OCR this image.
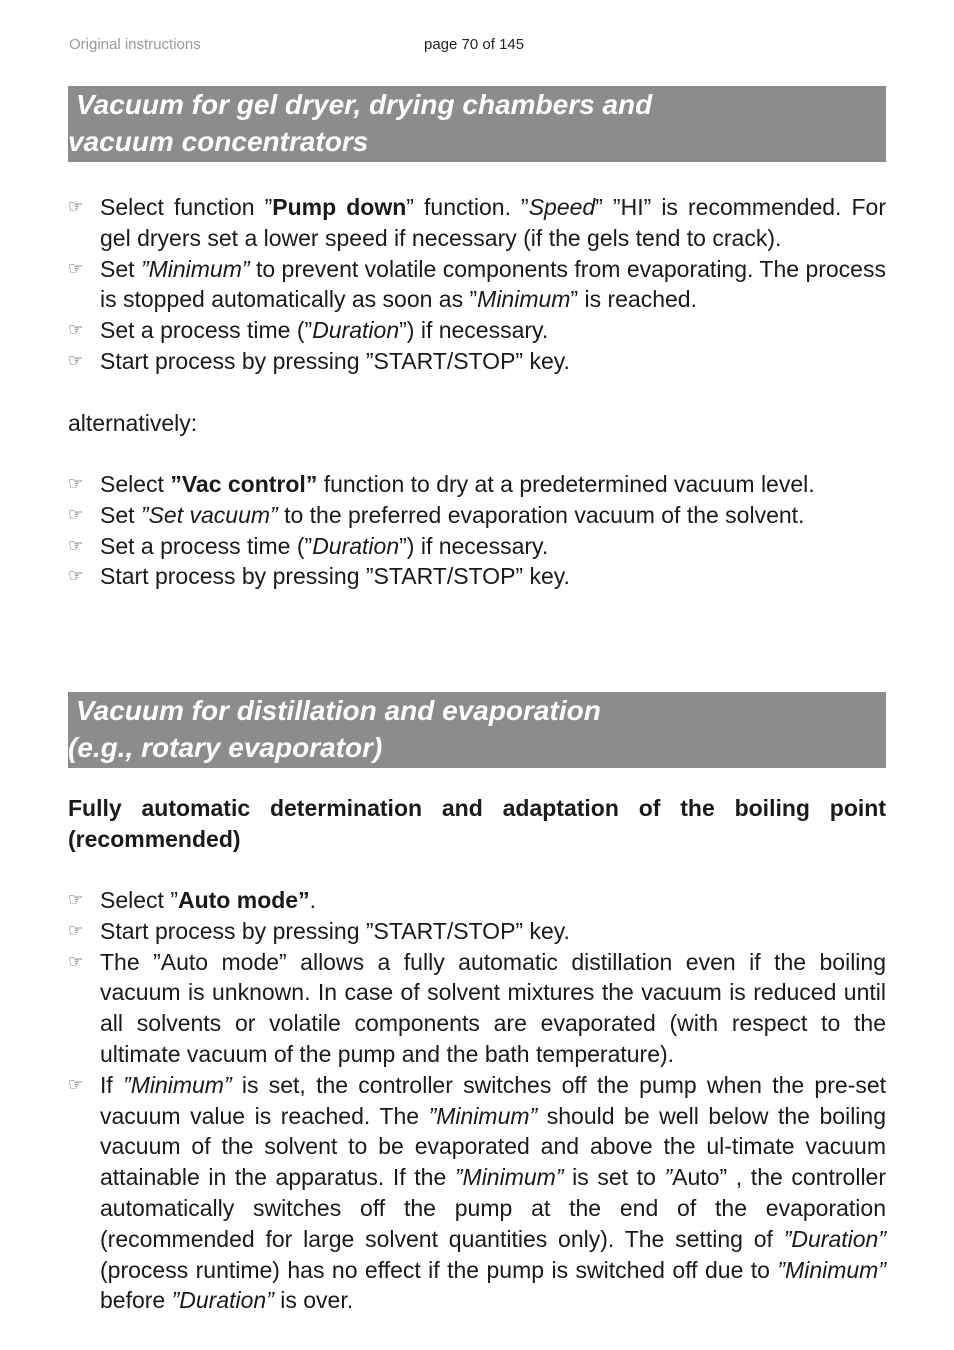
Original instructions	page 70 of 145
Vacuum for gel dryer, drying chambers and
vacuum concentrators
☞ Select function ”Pump down” function. ”Speed” ”HI” is recommended. For gel dryers set a lower speed if necessary (if the gels tend to crack).
☞ Set ”Minimum” to prevent volatile components from evaporating. The process is stopped automatically as soon as ”Minimum” is reached.
☞ Set a process time (”Duration”) if necessary.
☞ Start process by pressing ”START/STOP” key.
alternatively:
☞ Select ”Vac control” function to dry at a predetermined vacuum level.
☞ Set ”Set vacuum” to the preferred evaporation vacuum of the solvent.
☞ Set a process time (”Duration”) if necessary.
☞ Start process by pressing ”START/STOP” key.
Vacuum for distillation and evaporation
(e.g., rotary evaporator)
Fully automatic determination and adaptation of the boiling point (recommended)
☞ Select ”Auto mode”.
☞ Start process by pressing ”START/STOP” key.
☞ The ”Auto mode” allows a fully automatic distillation even if the boiling vacuum is unknown. In case of solvent mixtures the vacuum is reduced until all solvents or volatile components are evaporated (with respect to the ultimate vacuum of the pump and the bath temperature).
☞ If ”Minimum” is set, the controller switches off the pump when the pre-set vacuum value is reached. The ”Minimum” should be well below the boiling vacuum of the solvent to be evaporated and above the ul-timate vacuum attainable in the apparatus. If the ”Minimum” is set to ”Auto” , the controller automatically switches off the pump at the end of the evaporation (recommended for large solvent quantities only). The setting of ”Duration” (process runtime) has no effect if the pump is switched off due to ”Minimum” before ”Duration” is over.
